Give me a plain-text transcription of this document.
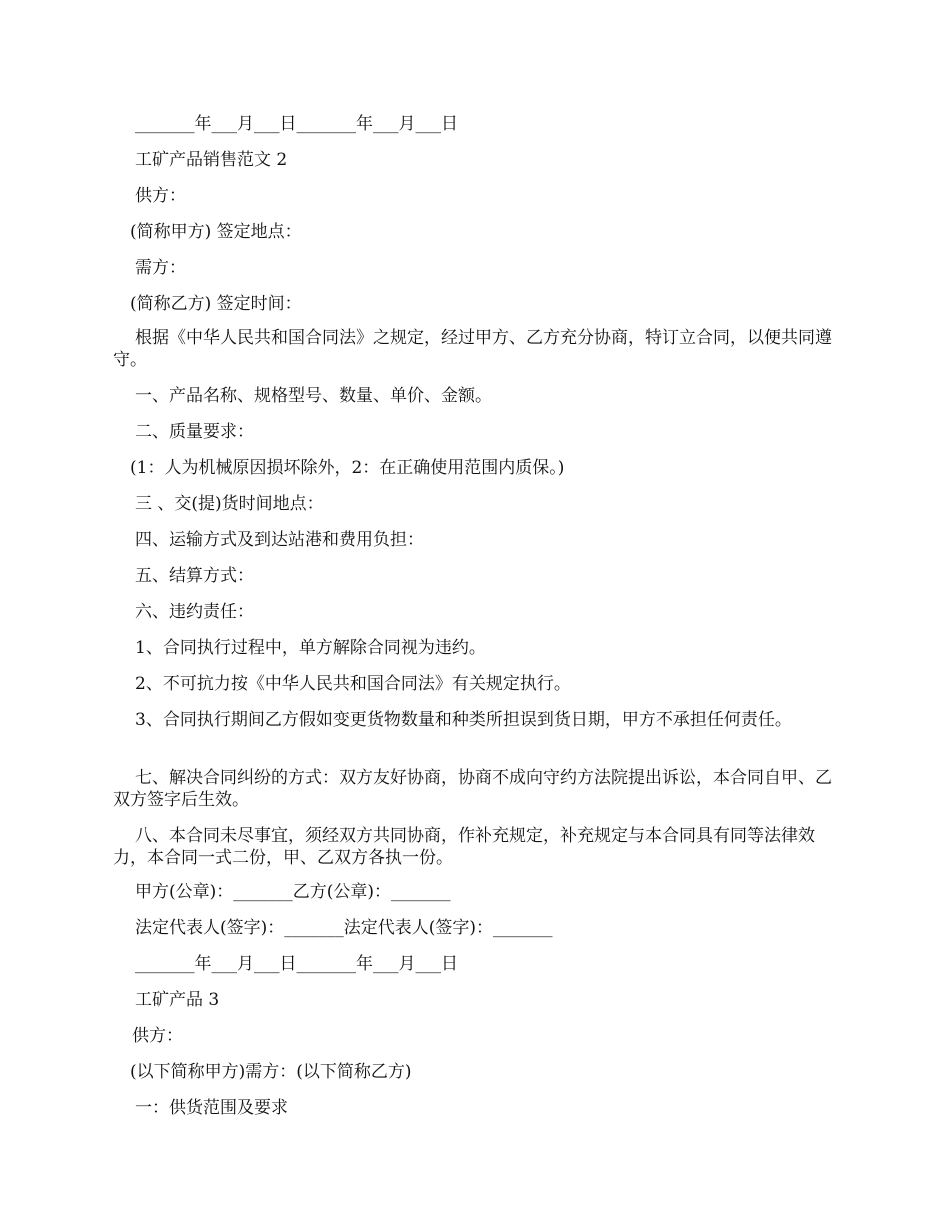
_______年___月___日_______年___月___日
工矿产品销售范文 2
供方：
(简称甲方) 签定地点：
需方：
(简称乙方) 签定时间：
根据《中华人民共和国合同法》之规定，经过甲方、乙方充分协商，特订立合同，以便共同遵守。
一、产品名称、规格型号、数量、单价、金额。
二、质量要求：
(1：人为机械原因损坏除外，2：在正确使用范围内质保。)
三 、交(提)货时间地点：
四、运输方式及到达站港和费用负担：
五、结算方式：
六、违约责任：
1、合同执行过程中，单方解除合同视为违约。
2、不可抗力按《中华人民共和国合同法》有关规定执行。
3、合同执行期间乙方假如变更货物数量和种类所担误到货日期，甲方不承担任何责任。
七、解决合同纠纷的方式：双方友好协商，协商不成向守约方法院提出诉讼，本合同自甲、乙双方签字后生效。
八、本合同未尽事宜，须经双方共同协商，作补充规定，补充规定与本合同具有同等法律效力，本合同一式二份，甲、乙双方各执一份。
甲方(公章)：_______乙方(公章)：_______
法定代表人(签字)：_______法定代表人(签字)：_______
_______年___月___日_______年___月___日
工矿产品 3
供方：
(以下简称甲方)需方：(以下简称乙方)
一：供货范围及要求
